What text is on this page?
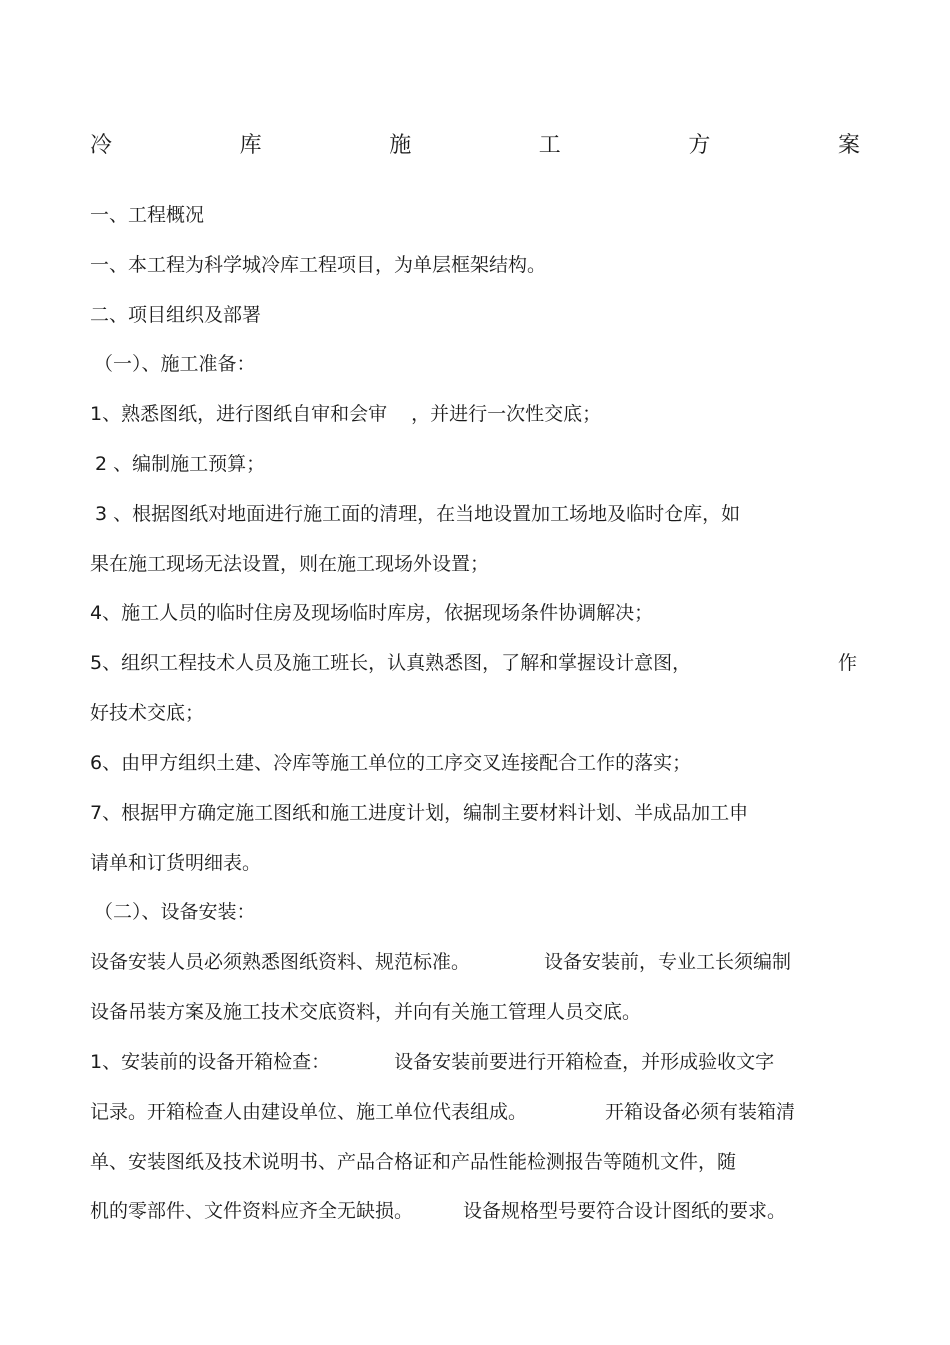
冷	库	施	工	方	案
一、工程概况
一、本工程为科学城冷库工程项目，为单层框架结构。
二、项目组织及部署
（一）、施工准备：
1、熟悉图纸，进行图纸自审和会审 ，并进行一次性交底；
2 、编制施工预算；
3 、根据图纸对地面进行施工面的清理，在当地设置加工场地及临时仓库，如
果在施工现场无法设置，则在施工现场外设置；
4、施工人员的临时住房及现场临时库房，依据现场条件协调解决；
5、组织工程技术人员及施工班长，认真熟悉图，了解和掌握设计意图，	作
好技术交底；
6、由甲方组织土建、冷库等施工单位的工序交叉连接配合工作的落实；
7、根据甲方确定施工图纸和施工进度计划，编制主要材料计划、半成品加工申
请单和订货明细表。
（二）、设备安装：
设备安装人员必须熟悉图纸资料、规范标准。	设备安装前，专业工长须编制
设备吊装方案及施工技术交底资料，并向有关施工管理人员交底。
1、安装前的设备开箱检查：	设备安装前要进行开箱检查，并形成验收文字
记录。开箱检查人由建设单位、施工单位代表组成。	开箱设备必须有装箱清
单、安装图纸及技术说明书、产品合格证和产品性能检测报告等随机文件，随
机的零部件、文件资料应齐全无缺损。	设备规格型号要符合设计图纸的要求。
